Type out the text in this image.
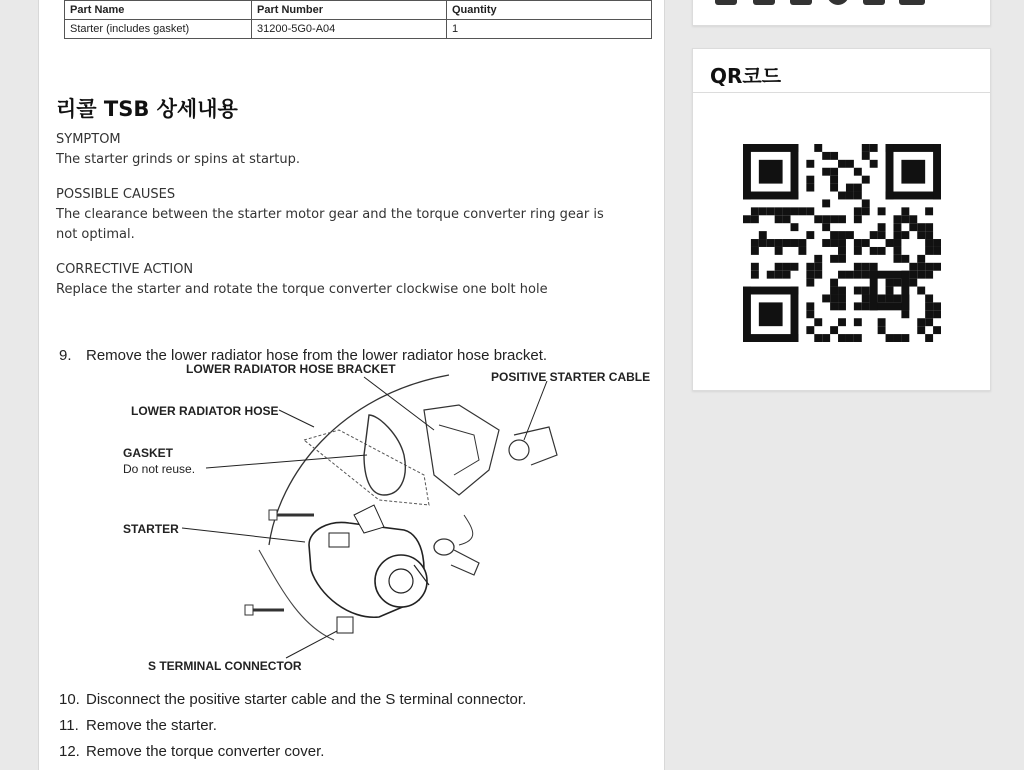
Part Name	Part Number	Quantity
Starter (includes gasket)	31200-5G0-A04	1
리콜 TSB 상세내용
SYMPTOM
The starter grinds or spins at startup.
POSSIBLE CAUSES
The clearance between the starter motor gear and the torque converter ring gear is not optimal.
CORRECTIVE ACTION
Replace the starter and rotate the torque converter clockwise one bolt hole
9. Remove the lower radiator hose from the lower radiator hose bracket.
LOWER RADIATOR HOSE BRACKET
POSITIVE STARTER CABLE
LOWER RADIATOR HOSE
GASKET
Do not reuse.
STARTER
S TERMINAL CONNECTOR
10. Disconnect the positive starter cable and the S terminal connector.
11. Remove the starter.
12. Remove the torque converter cover.
QR코드
